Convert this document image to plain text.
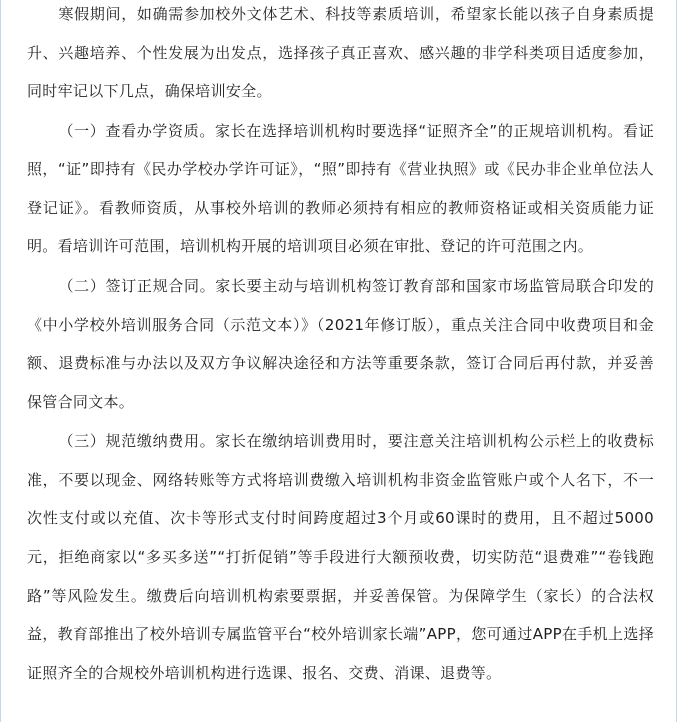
寒假期间，如确需参加校外文体艺术、科技等素质培训，希望家长能以孩子自身素质提升、兴趣培养、个性发展为出发点，选择孩子真正喜欢、感兴趣的非学科类项目适度参加，同时牢记以下几点，确保培训安全。

（一）查看办学资质。家长在选择培训机构时要选择“证照齐全”的正规培训机构。看证照，“证”即持有《民办学校办学许可证》，“照”即持有《营业执照》或《民办非企业单位法人登记证》。看教师资质，从事校外培训的教师必须持有相应的教师资格证或相关资质能力证明。看培训许可范围，培训机构开展的培训项目必须在审批、登记的许可范围之内。

（二）签订正规合同。家长要主动与培训机构签订教育部和国家市场监管局联合印发的《中小学校外培训服务合同（示范文本）》（2021年修订版），重点关注合同中收费项目和金额、退费标准与办法以及双方争议解决途径和方法等重要条款，签订合同后再付款，并妥善保管合同文本。

（三）规范缴纳费用。家长在缴纳培训费用时，要注意关注培训机构公示栏上的收费标准，不要以现金、网络转账等方式将培训费缴入培训机构非资金监管账户或个人名下，不一次性支付或以充值、次卡等形式支付时间跨度超过3个月或60课时的费用，且不超过5000元，拒绝商家以“多买多送”“打折促销”等手段进行大额预收费，切实防范“退费难”“卷钱跑路”等风险发生。缴费后向培训机构索要票据，并妥善保管。为保障学生（家长）的合法权益，教育部推出了校外培训专属监管平台“校外培训家长端”APP，您可通过APP在手机上选择证照齐全的合规校外培训机构进行选课、报名、交费、消课、退费等。
